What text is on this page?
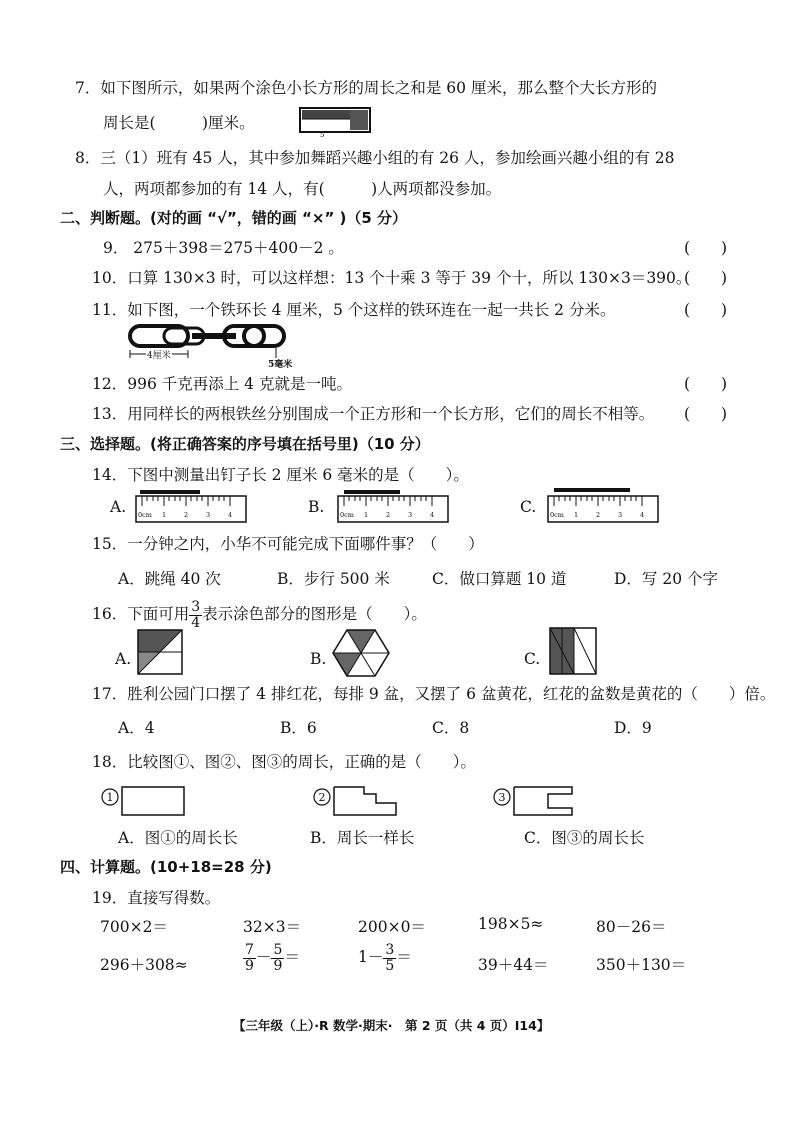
7．如下图所示，如果两个涂色小长方形的周长之和是 60 厘米，那么整个大长方形的
周长是(　　　)厘米。
5
8．三（1）班有 45 人，其中参加舞蹈兴趣小组的有 26 人，参加绘画兴趣小组的有 28
人，两项都参加的有 14 人，有(　　　)人两项都没参加。
二、判断题。(对的画 “√”，错的画 “×” )（5 分）
9． 275＋398＝275＋400－2 。	(　　)
10．口算 130×3 时，可以这样想：13 个十乘 3 等于 39 个十，所以 130×3＝390。
(　　)
11．如下图，一个铁环长 4 厘米，5 个这样的铁环连在一起一共长 2 分米。	(　　)
4厘米
5毫米
12．996 千克再添上 4 克就是一吨。	(　　)
13．用同样长的两根铁丝分别围成一个正方形和一个长方形，它们的周长不相等。 (　　)
三、选择题。(将正确答案的序号填在括号里)（10 分）
14．下图中测量出钉子长 2 厘米 6 毫米的是（　　）。
A. 0cm 1	2	3	4	B. 0cm 1	2	3	4	C. 0cm 1	2	3	4
15．一分钟之内，小华不可能完成下面哪件事？（　　）
A．跳绳 40 次	B．步行 500 米	C．做口算题 10 道	D．写 20 个字
16．下面可用 $\frac{3}{4}$ 表示涂色部分的图形是（　　）。
A.	B.	C.
17．胜利公园门口摆了 4 排红花，每排 9 盆，又摆了 6 盆黄花，红花的盆数是黄花的（　　）倍。
A．4	B．6	C．8	D．9
18．比较图①、图②、图③的周长，正确的是（　　）。
1	2	3
A．图①的周长长	B．周长一样长	C．图③的周长长
四、计算题。(10+18=28 分)
19．直接写得数。
700×2＝	32×3＝	200×0＝	198×5≈	80－26＝
296＋308≈	$\frac{7}{9} - \frac{5}{9}$ ＝	$1- \frac{3}{5}$ ＝	39＋44＝	350＋130＝
【三年级（上）·R 数学·期末·　第 2 页（共 4 页）I14】
